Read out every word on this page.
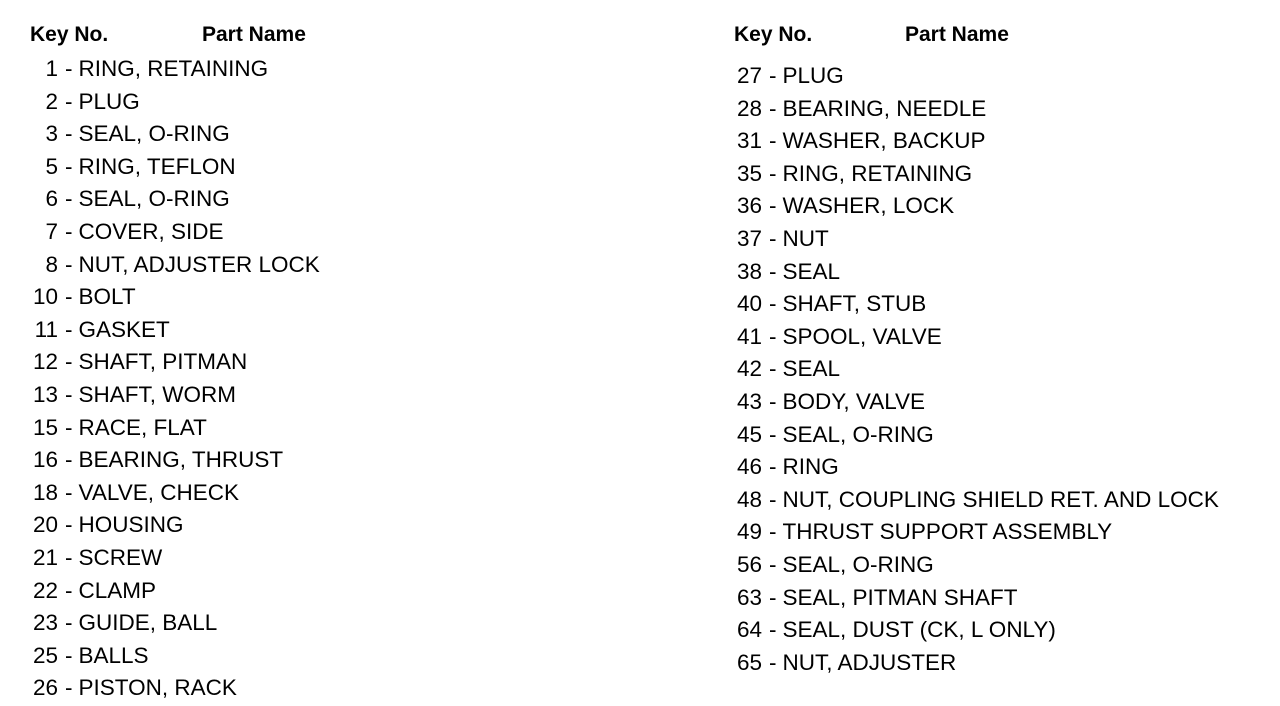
Key No.	Part Name
1 - RING, RETAINING
2 - PLUG
3 - SEAL, O-RING
5 - RING, TEFLON
6 - SEAL, O-RING
7 - COVER, SIDE
8 - NUT, ADJUSTER LOCK
10 - BOLT
11 - GASKET
12 - SHAFT, PITMAN
13 - SHAFT, WORM
15 - RACE, FLAT
16 - BEARING, THRUST
18 - VALVE, CHECK
20 - HOUSING
21 - SCREW
22 - CLAMP
23 - GUIDE, BALL
25 - BALLS
26 - PISTON, RACK
Key No.	Part Name
27 - PLUG
28 - BEARING, NEEDLE
31 - WASHER, BACKUP
35 - RING, RETAINING
36 - WASHER, LOCK
37 - NUT
38 - SEAL
40 - SHAFT, STUB
41 - SPOOL, VALVE
42 - SEAL
43 - BODY, VALVE
45 - SEAL, O-RING
46 - RING
48 - NUT, COUPLING SHIELD RET. AND LOCK
49 - THRUST SUPPORT ASSEMBLY
56 - SEAL, O-RING
63 - SEAL, PITMAN SHAFT
64 - SEAL, DUST (CK, L ONLY)
65 - NUT, ADJUSTER
